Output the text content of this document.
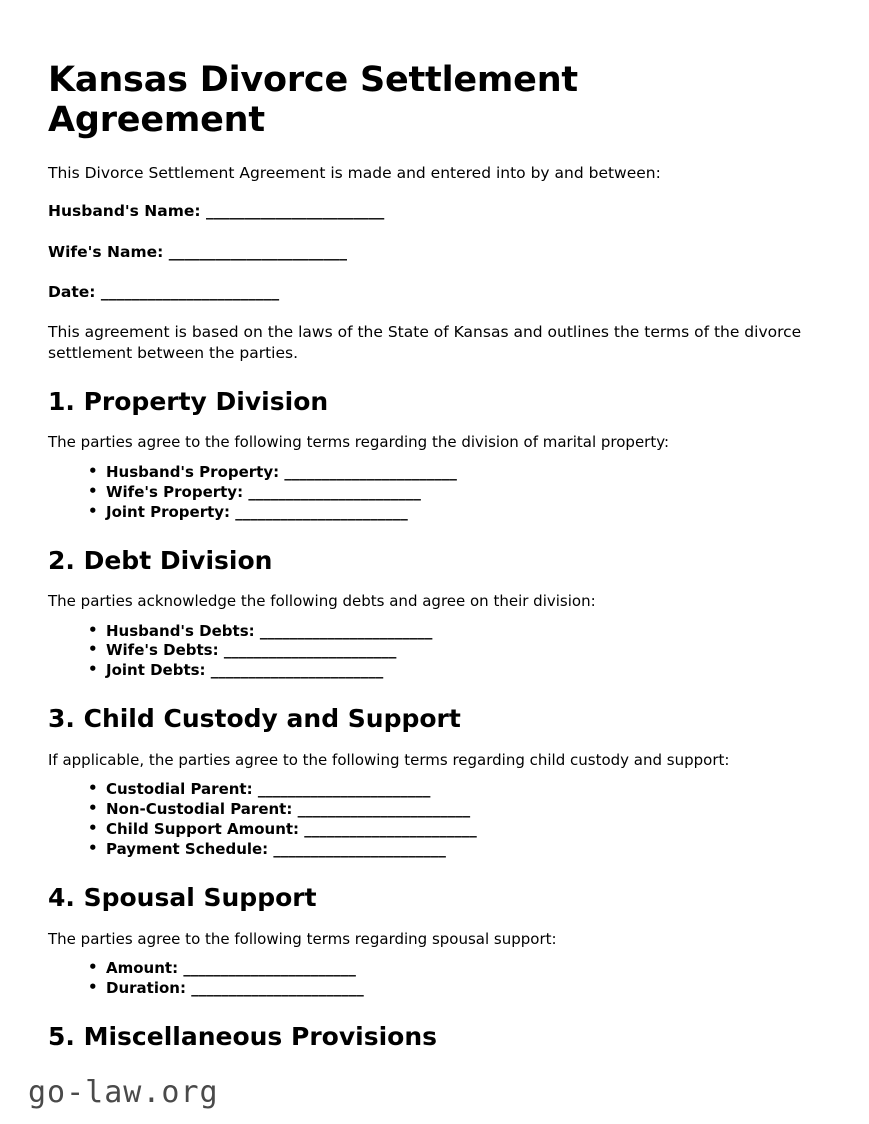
Kansas Divorce Settlement Agreement

This Divorce Settlement Agreement is made and entered into by and between:

Husband's Name: _______________________
Wife's Name: _______________________
Date: _______________________

This agreement is based on the laws of the State of Kansas and outlines the terms of the divorce settlement between the parties.

1. Property Division

The parties agree to the following terms regarding the division of marital property:

• Husband's Property: _______________________
• Wife's Property: _______________________
• Joint Property: _______________________
2. Debt Division

The parties acknowledge the following debts and agree on their division:

• Husband's Debts: _______________________
• Wife's Debts: _______________________
• Joint Debts: _______________________
3. Child Custody and Support

If applicable, the parties agree to the following terms regarding child custody and support:

• Custodial Parent: _______________________
• Non-Custodial Parent: _______________________
• Child Support Amount: _______________________
• Payment Schedule: _______________________
4. Spousal Support

The parties agree to the following terms regarding spousal support:

• Amount: _______________________
• Duration: _______________________
5. Miscellaneous Provisions
go-law.org
